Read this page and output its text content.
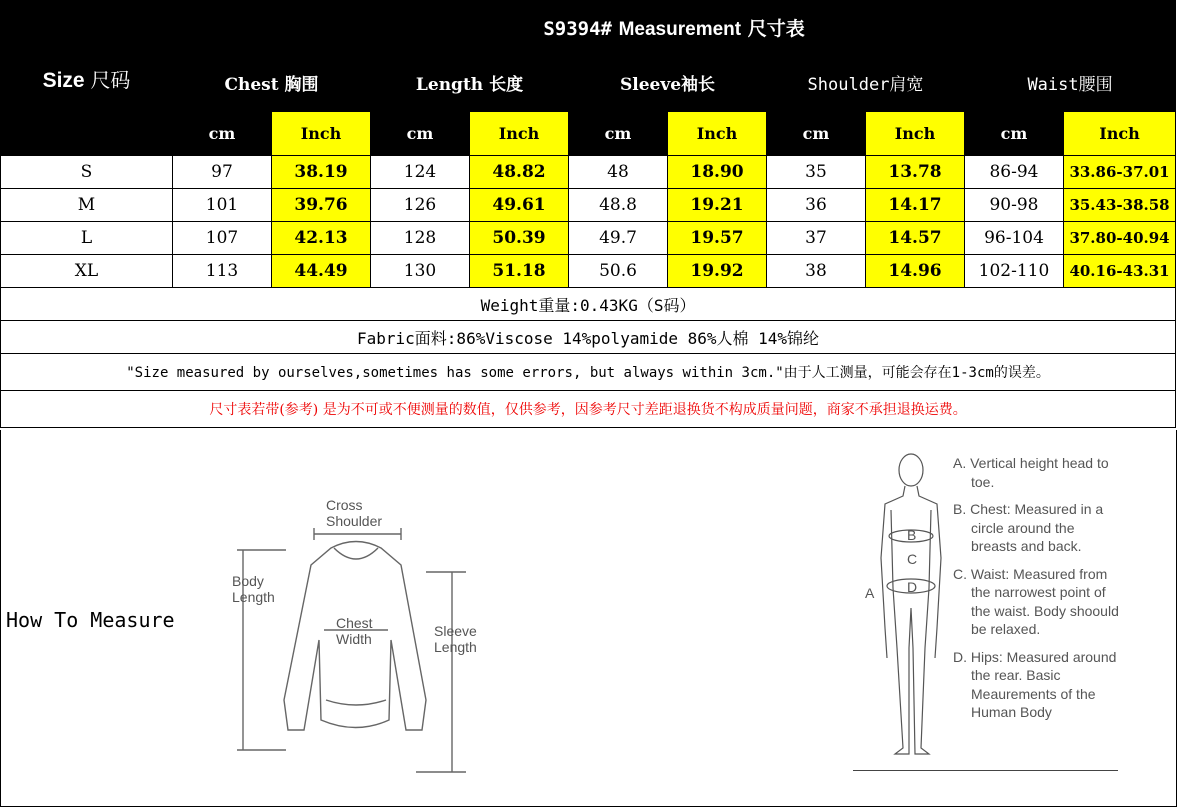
Size 尺码	S9394# Measurement 尺寸表									
	Chest 胸围		Length 长度		Sleeve袖长		Shoulder肩宽		Waist腰围	
	cm	Inch	cm	Inch	cm	Inch	cm	Inch	cm	Inch
S	97	38.19	124	48.82	48	18.90	35	13.78	86-94	33.86-37.01
M	101	39.76	126	49.61	48.8	19.21	36	14.17	90-98	35.43-38.58
L	107	42.13	128	50.39	49.7	19.57	37	14.57	96-104	37.80-40.94
XL	113	44.49	130	51.18	50.6	19.92	38	14.96	102-110	40.16-43.31
Weight重量:0.43KG（S码）										
Fabric面料:86%Viscose 14%polyamide 86%人棉 14%锦纶										
"Size measured by ourselves,sometimes has some errors, but always within 3cm."由于人工测量，可能会存在1-3cm的误差。										
尺寸表若带(参考) 是为不可或不便测量的数值，仅供参考，因参考尺寸差距退换货不构成质量问题，商家不承担退换运费。										
How To Measure
Cross
Shoulder
Body
Length
Chest
Width	Sleeve
Length
A
B
C
D
A. Vertical height head to toe.
B. Chest: Measured in a circle around the breasts and back.
C. Waist: Measured from the narrowest point of the waist. Body shoould be relaxed.
D. Hips: Measured around the rear. Basic Meaurements of the Human Body
